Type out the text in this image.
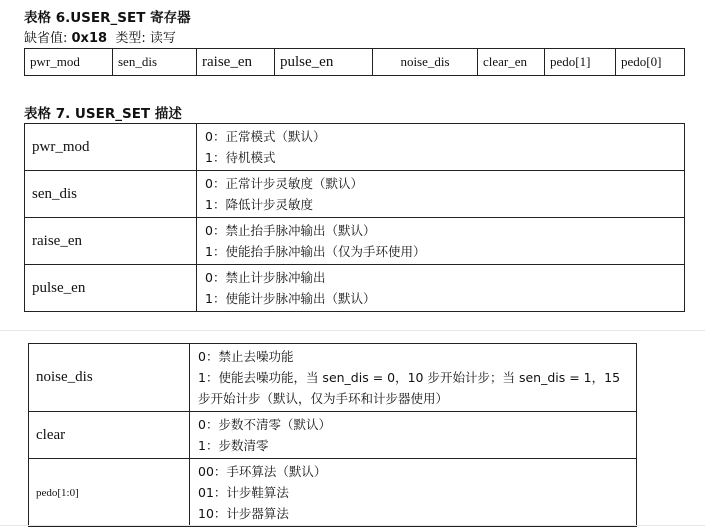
表格 6.USER_SET 寄存器
缺省值: 0x18 类型: 读写
pwr_mod	sen_dis	raise_en	pulse_en	noise_dis	clear_en	pedo[1]	pedo[0]
表格 7. USER_SET 描述
pwr_mod	0：正常模式（默认）
1：待机模式

sen_dis	0：正常计步灵敏度（默认）
1：降低计步灵敏度

raise_en	0：禁止抬手脉冲输出（默认）
1：使能抬手脉冲输出（仅为手环使用）

pulse_en	0：禁止计步脉冲输出
1：使能计步脉冲输出（默认）
noise_dis	0：禁止去噪功能
1：使能去噪功能，当 sen_dis = 0，10 步开始计步；当 sen_dis = 1，15 步开始计步（默认，仅为手环和计步器使用）

clear	0：步数不清零（默认）
1：步数清零

pedo[1:0]	00：手环算法（默认）
01：计步鞋算法
10：计步器算法
